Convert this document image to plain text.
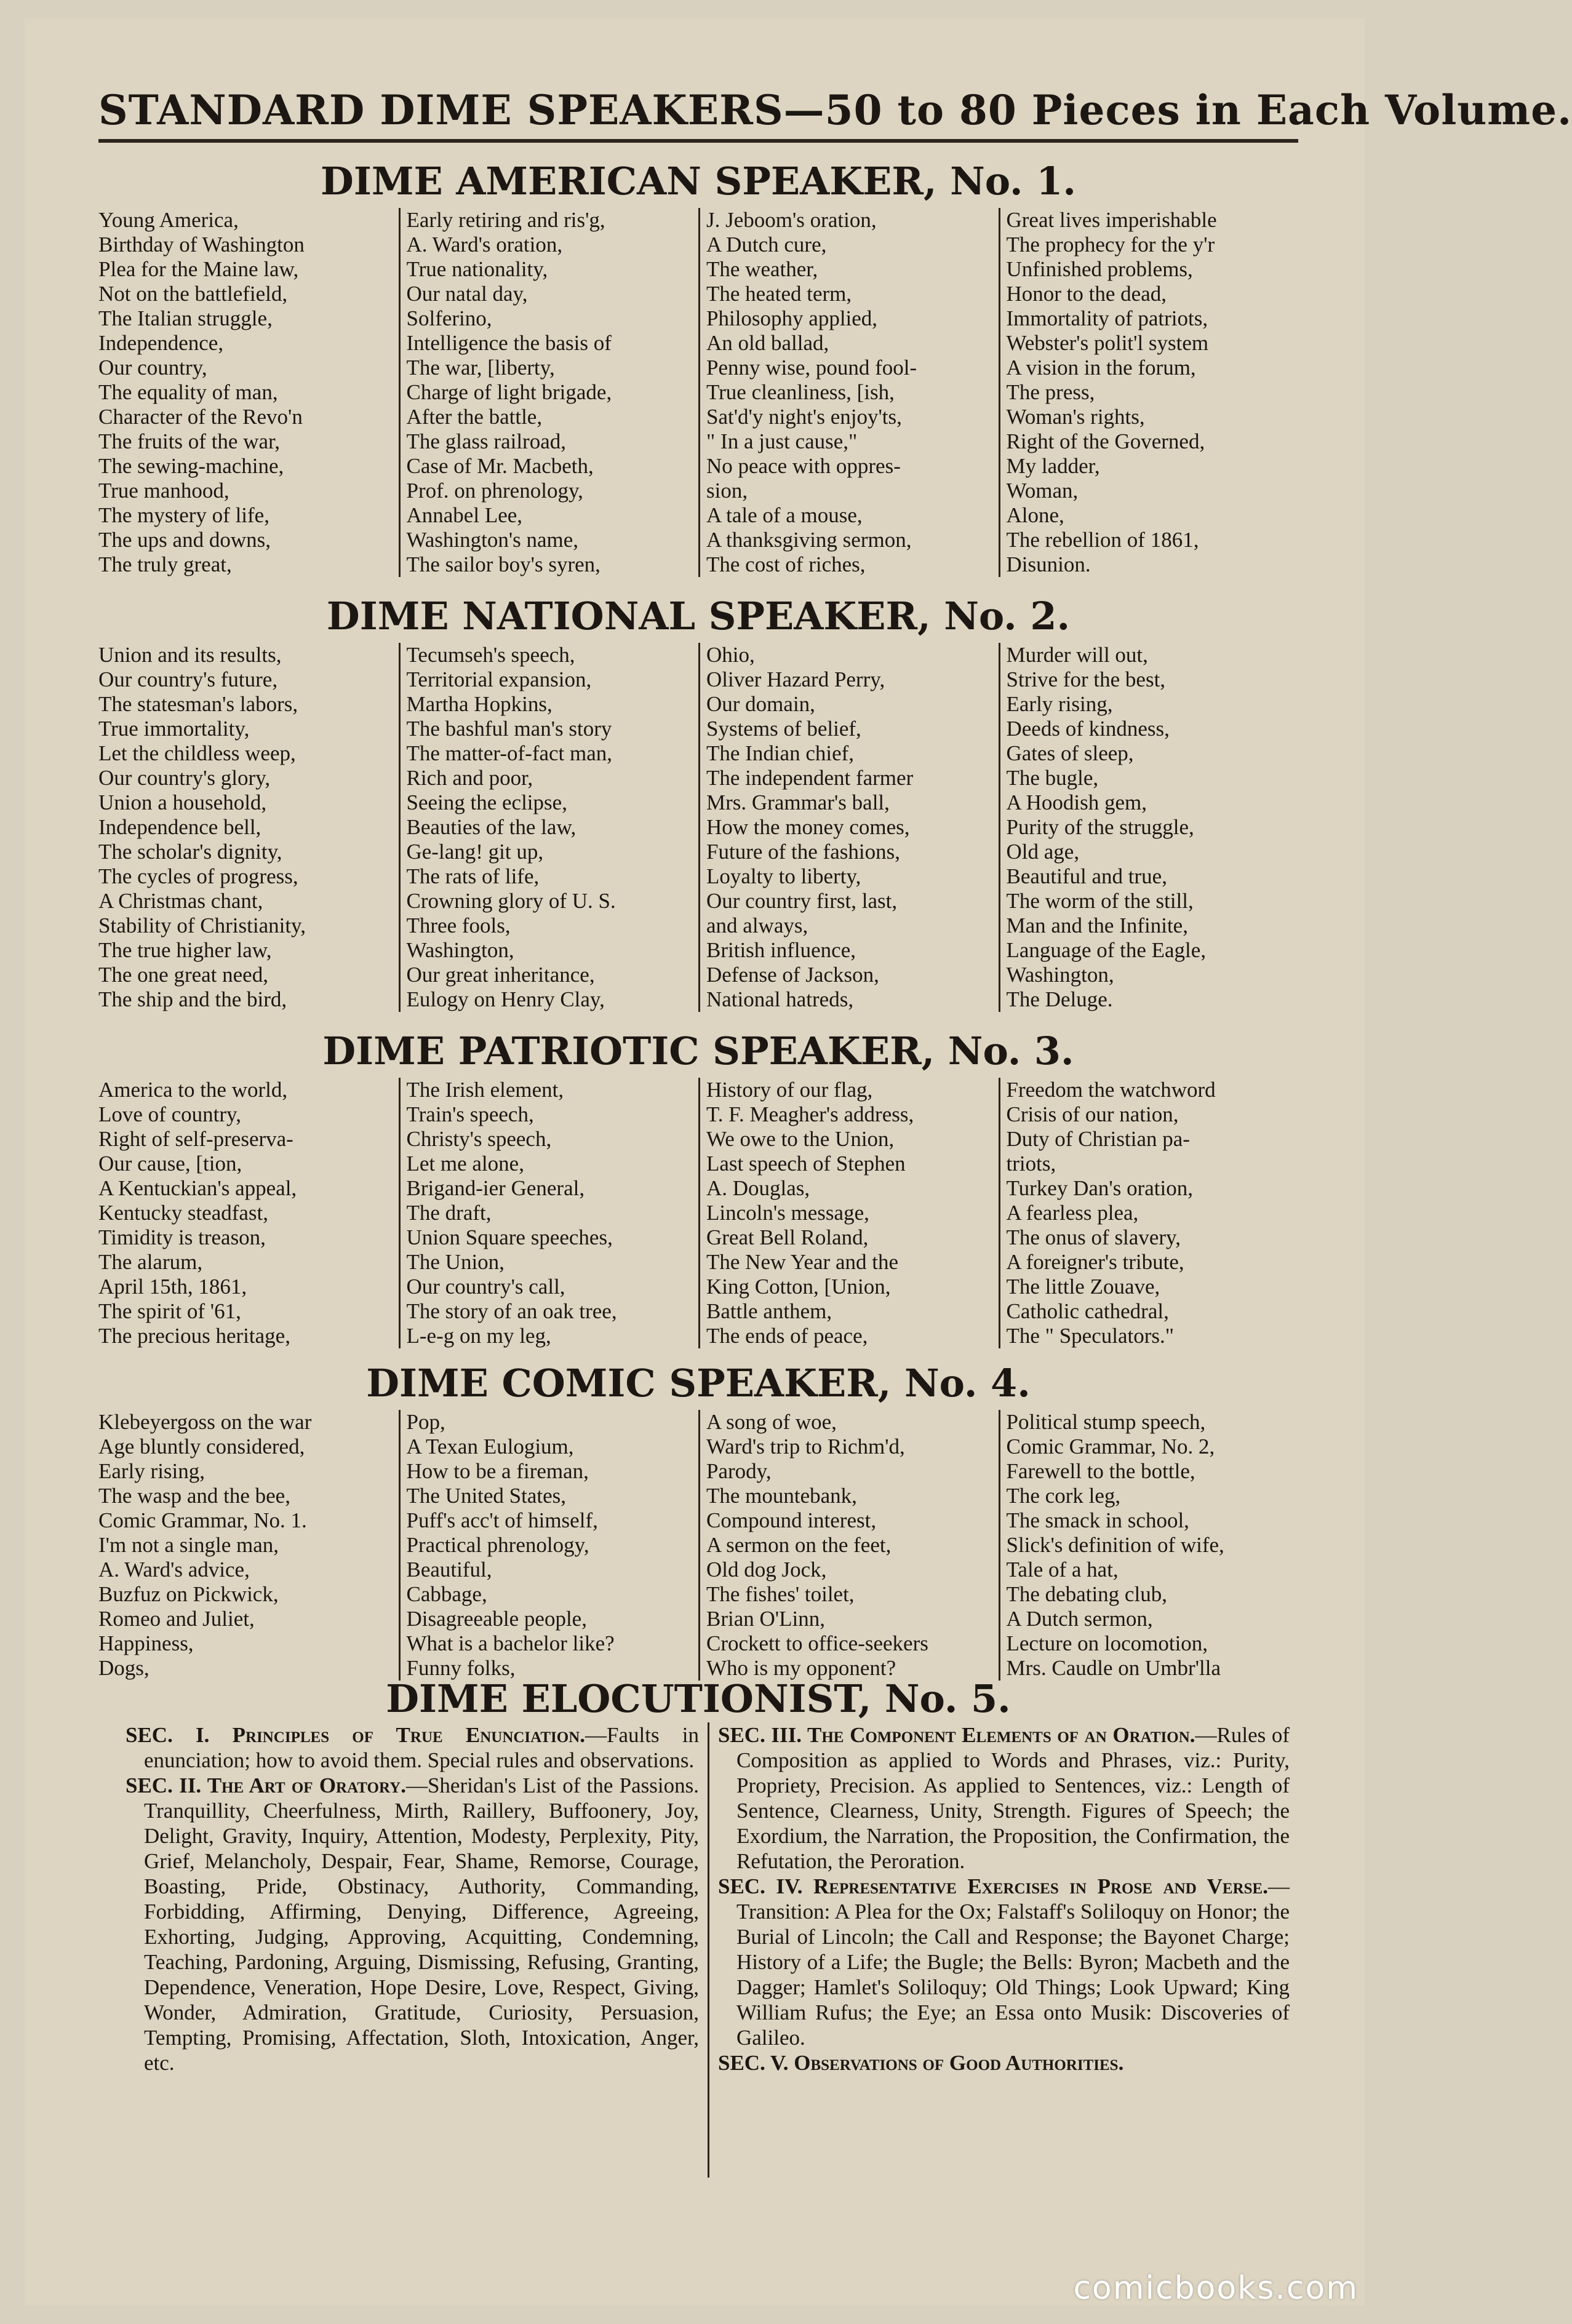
STANDARD DIME SPEAKERS—50 to 80 Pieces in Each Volume.
DIME AMERICAN SPEAKER, No. 1.
Young America,
Birthday of Washington
Plea for the Maine law,
Not on the battlefield,
The Italian struggle,
Independence,
Our country,
The equality of man,
Character of the Revo'n
The fruits of the war,
The sewing-machine,
True manhood,
The mystery of life,
The ups and downs,
The truly great,
Early retiring and ris'g,
A. Ward's oration,
True nationality,
Our natal day,
Solferino,
Intelligence the basis of
The war, [liberty,
Charge of light brigade,
After the battle,
The glass railroad,
Case of Mr. Macbeth,
Prof. on phrenology,
Annabel Lee,
Washington's name,
The sailor boy's syren,
J. Jeboom's oration,
A Dutch cure,
The weather,
The heated term,
Philosophy applied,
An old ballad,
Penny wise, pound fool-
True cleanliness, [ish,
Sat'd'y night's enjoy'ts,
" In a just cause,"
No peace with oppres-
sion,
A tale of a mouse,
A thanksgiving sermon,
The cost of riches,
Great lives imperishable
The prophecy for the y'r
Unfinished problems,
Honor to the dead,
Immortality of patriots,
Webster's polit'l system
A vision in the forum,
The press,
Woman's rights,
Right of the Governed,
My ladder,
Woman,
Alone,
The rebellion of 1861,
Disunion.
DIME NATIONAL SPEAKER, No. 2.
Union and its results,
Our country's future,
The statesman's labors,
True immortality,
Let the childless weep,
Our country's glory,
Union a household,
Independence bell,
The scholar's dignity,
The cycles of progress,
A Christmas chant,
Stability of Christianity,
The true higher law,
The one great need,
The ship and the bird,
Tecumseh's speech,
Territorial expansion,
Martha Hopkins,
The bashful man's story
The matter-of-fact man,
Rich and poor,
Seeing the eclipse,
Beauties of the law,
Ge-lang! git up,
The rats of life,
Crowning glory of U. S.
Three fools,
Washington,
Our great inheritance,
Eulogy on Henry Clay,
Ohio,
Oliver Hazard Perry,
Our domain,
Systems of belief,
The Indian chief,
The independent farmer
Mrs. Grammar's ball,
How the money comes,
Future of the fashions,
Loyalty to liberty,
Our country first, last,
and always,
British influence,
Defense of Jackson,
National hatreds,
Murder will out,
Strive for the best,
Early rising,
Deeds of kindness,
Gates of sleep,
The bugle,
A Hoodish gem,
Purity of the struggle,
Old age,
Beautiful and true,
The worm of the still,
Man and the Infinite,
Language of the Eagle,
Washington,
The Deluge.
DIME PATRIOTIC SPEAKER, No. 3.
America to the world,
Love of country,
Right of self-preserva-
Our cause, [tion,
A Kentuckian's appeal,
Kentucky steadfast,
Timidity is treason,
The alarum,
April 15th, 1861,
The spirit of '61,
The precious heritage,
The Irish element,
Train's speech,
Christy's speech,
Let me alone,
Brigand-ier General,
The draft,
Union Square speeches,
The Union,
Our country's call,
The story of an oak tree,
L-e-g on my leg,
History of our flag,
T. F. Meagher's address,
We owe to the Union,
Last speech of Stephen
A. Douglas,
Lincoln's message,
Great Bell Roland,
The New Year and the
King Cotton, [Union,
Battle anthem,
The ends of peace,
Freedom the watchword
Crisis of our nation,
Duty of Christian pa-
triots,
Turkey Dan's oration,
A fearless plea,
The onus of slavery,
A foreigner's tribute,
The little Zouave,
Catholic cathedral,
The " Speculators."
DIME COMIC SPEAKER, No. 4.
Klebeyergoss on the war
Age bluntly considered,
Early rising,
The wasp and the bee,
Comic Grammar, No. 1.
I'm not a single man,
A. Ward's advice,
Buzfuz on Pickwick,
Romeo and Juliet,
Happiness,
Dogs,
Pop,
A Texan Eulogium,
How to be a fireman,
The United States,
Puff's acc't of himself,
Practical phrenology,
Beautiful,
Cabbage,
Disagreeable people,
What is a bachelor like?
Funny folks,
A song of woe,
Ward's trip to Richm'd,
Parody,
The mountebank,
Compound interest,
A sermon on the feet,
Old dog Jock,
The fishes' toilet,
Brian O'Linn,
Crockett to office-seekers
Who is my opponent?
Political stump speech,
Comic Grammar, No. 2,
Farewell to the bottle,
The cork leg,
The smack in school,
Slick's definition of wife,
Tale of a hat,
The debating club,
A Dutch sermon,
Lecture on locomotion,
Mrs. Caudle on Umbr'lla
DIME ELOCUTIONIST, No. 5.
SEC. I. Principles of True Enunciation.—Faults in enunciation; how to avoid them. Special rules and observations.
SEC. II. The Art of Oratory.—Sheridan's List of the Passions. Tranquillity, Cheerfulness, Mirth, Raillery, Buffoonery, Joy, Delight, Gravity, Inquiry, Attention, Modesty, Perplexity, Pity, Grief, Melancholy, Despair, Fear, Shame, Remorse, Courage, Boasting, Pride, Obstinacy, Authority, Commanding, Forbidding, Affirming, Denying, Difference, Agreeing, Exhorting, Judging, Approving, Acquitting, Condemning, Teaching, Pardoning, Arguing, Dismissing, Refusing, Granting, Dependence, Veneration, Hope Desire, Love, Respect, Giving, Wonder, Admiration, Gratitude, Curiosity, Persuasion, Tempting, Promising, Affectation, Sloth, Intoxication, Anger, etc.
SEC. III. The Component Elements of an Oration.—Rules of Composition as applied to Words and Phrases, viz.: Purity, Propriety, Precision. As applied to Sentences, viz.: Length of Sentence, Clearness, Unity, Strength. Figures of Speech; the Exordium, the Narration, the Proposition, the Confirmation, the Refutation, the Peroration.
SEC. IV. Representative Exercises in Prose and Verse.—Transition: A Plea for the Ox; Falstaff's Soliloquy on Honor; the Burial of Lincoln; the Call and Response; the Bayonet Charge; History of a Life; the Bugle; the Bells: Byron; Macbeth and the Dagger; Hamlet's Soliloquy; Old Things; Look Upward; King William Rufus; the Eye; an Essa onto Musik: Discoveries of Galileo.
SEC. V. Observations of Good Authorities.
comicbooks.com
